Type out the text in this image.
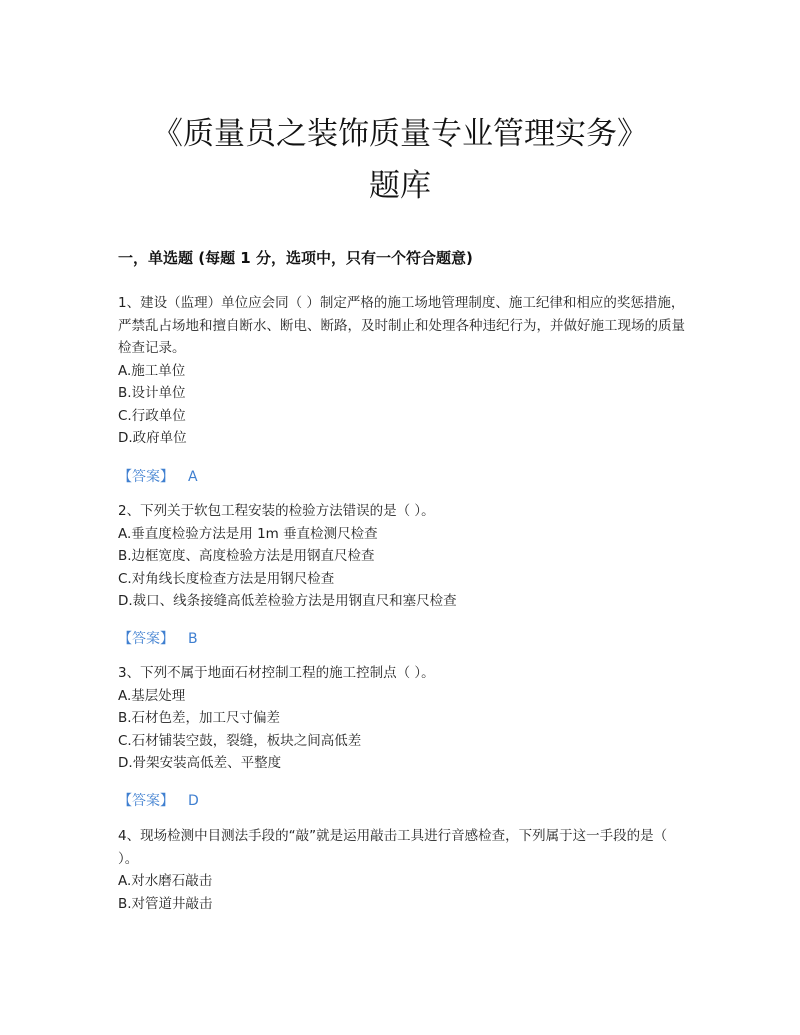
《质量员之装饰质量专业管理实务》
题库
一，单选题 (每题 1 分，选项中，只有一个符合题意)

1、建设（监理）单位应会同（ ）制定严格的施工场地管理制度、施工纪律和相应的奖惩措施，严禁乱占场地和擅自断水、断电、断路，及时制止和处理各种违纪行为，并做好施工现场的质量检查记录。

A.施工单位

B.设计单位

C.行政单位

D.政府单位

【答案】 A

2、下列关于软包工程安装的检验方法错误的是（ ）。

A.垂直度检验方法是用 1m 垂直检测尺检查

B.边框宽度、高度检验方法是用钢直尺检查

C.对角线长度检查方法是用钢尺检查

D.裁口、线条接缝高低差检验方法是用钢直尺和塞尺检查

【答案】 B

3、下列不属于地面石材控制工程的施工控制点（ ）。

A.基层处理

B.石材色差，加工尺寸偏差

C.石材铺装空鼓，裂缝，板块之间高低差

D.骨架安装高低差、平整度

【答案】 D

4、现场检测中目测法手段的“敲”就是运用敲击工具进行音感检查，下列属于这一手段的是（ ）。

A.对水磨石敲击

B.对管道井敲击
